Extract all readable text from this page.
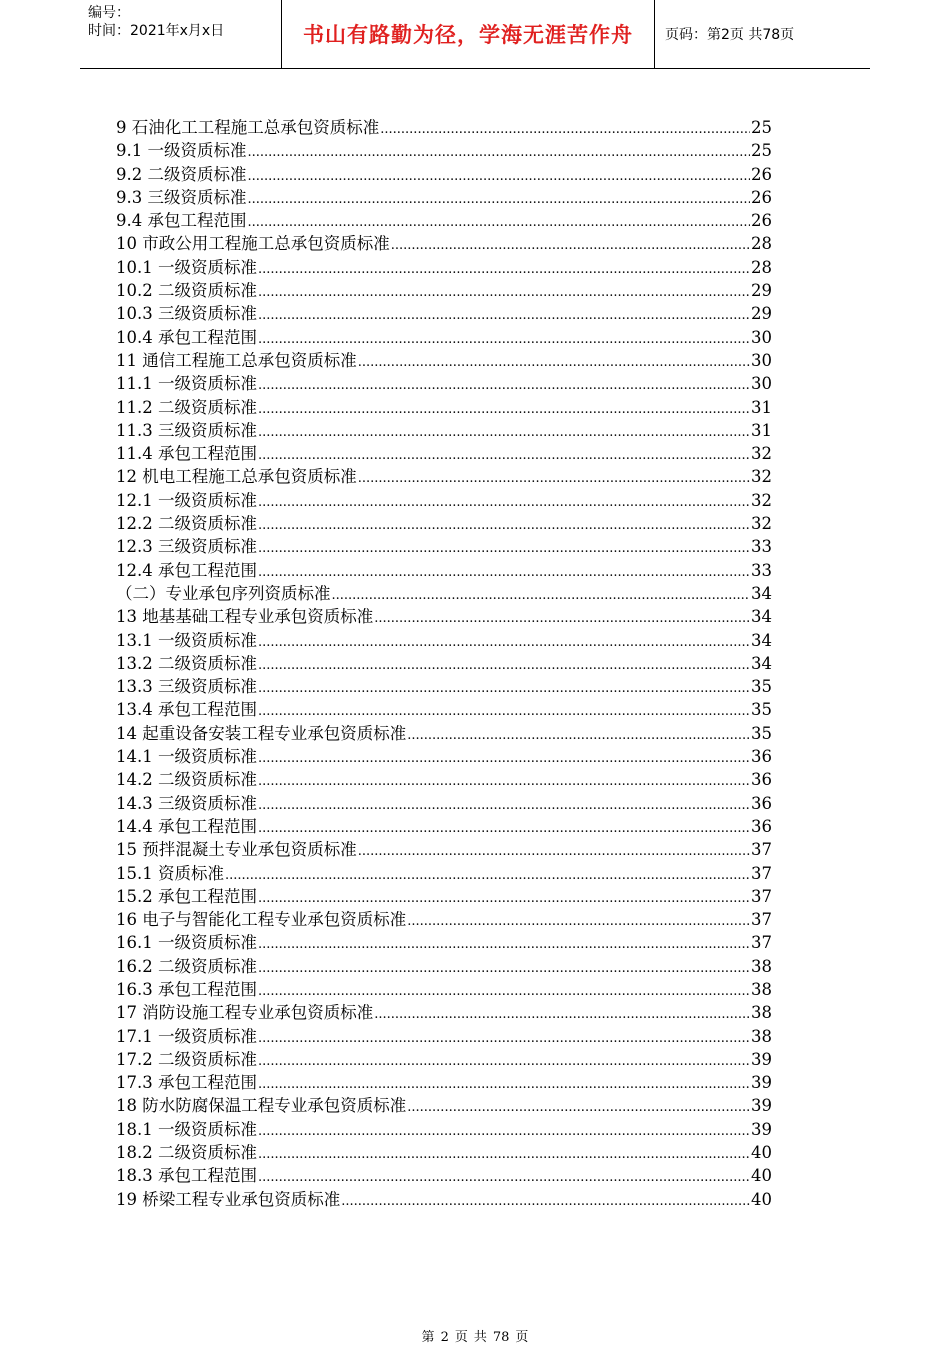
编号：
时间：2021年x月x日	书山有路勤为径，学海无涯苦作舟 页码：第2页 共78页
9 石油化工工程施工总承包资质标准 .....	25
9.1 一级资质标准 .....	25
9.2 二级资质标准 .....	26
9.3 三级资质标准 .....	26
9.4 承包工程范围 .....	26
10 市政公用工程施工总承包资质标准 .....	28
10.1 一级资质标准 .....	28
10.2 二级资质标准 .....	29
10.3 三级资质标准 .....	29
10.4 承包工程范围 .....	30
11 通信工程施工总承包资质标准 .....	30
11.1 一级资质标准 .....	30
11.2 二级资质标准 .....	31
11.3 三级资质标准 .....	31
11.4 承包工程范围 .....	32
12 机电工程施工总承包资质标准 .....	32
12.1 一级资质标准 .....	32
12.2 二级资质标准 .....	32
12.3 三级资质标准 .....	33
12.4 承包工程范围 .....	33
（二）专业承包序列资质标准 .....	34
13 地基基础工程专业承包资质标准 .....	34
13.1 一级资质标准 .....	34
13.2 二级资质标准 .....	34
13.3 三级资质标准 .....	35
13.4 承包工程范围 .....	35
14 起重设备安装工程专业承包资质标准 .....	35
14.1 一级资质标准 .....	36
14.2 二级资质标准 .....	36
14.3 三级资质标准 .....	36
14.4 承包工程范围 .....	36
15 预拌混凝土专业承包资质标准 .....	37
15.1 资质标准 .....	37
15.2 承包工程范围 .....	37
16 电子与智能化工程专业承包资质标准 .....	37
16.1 一级资质标准 .....	37
16.2 二级资质标准 .....	38
16.3 承包工程范围 .....	38
17 消防设施工程专业承包资质标准 .....	38
17.1 一级资质标准 .....	38
17.2 二级资质标准 .....	39
17.3 承包工程范围 .....	39
18 防水防腐保温工程专业承包资质标准 .....	39
18.1 一级资质标准 .....	39
18.2 二级资质标准 .....	40
18.3 承包工程范围 .....	40
19 桥梁工程专业承包资质标准 .....	40
第 2 页 共 78 页
